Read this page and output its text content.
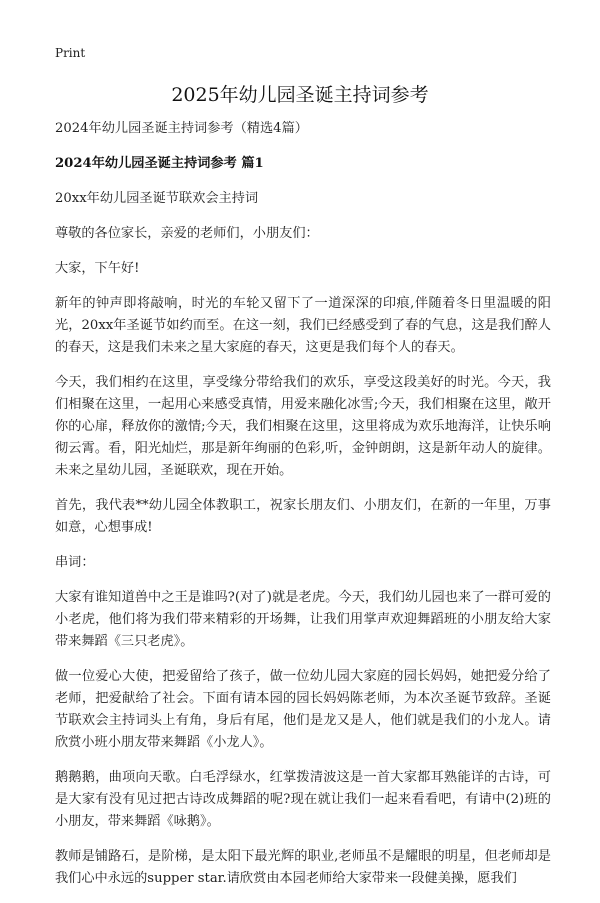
Print
2025年幼儿园圣诞主持词参考

2024年幼儿园圣诞主持词参考（精选4篇）

2024年幼儿园圣诞主持词参考 篇1

20xx年幼儿园圣诞节联欢会主持词

尊敬的各位家长，亲爱的老师们，小朋友们：

大家，下午好!

新年的钟声即将敲响，时光的车轮又留下了一道深深的印痕,伴随着冬日里温暖的阳光，20xx年圣诞节如约而至。在这一刻，我们已经感受到了春的气息，这是我们醉人的春天，这是我们未来之星大家庭的春天，这更是我们每个人的春天。

今天，我们相约在这里，享受缘分带给我们的欢乐，享受这段美好的时光。今天，我们相聚在这里，一起用心来感受真情，用爱来融化冰雪;今天，我们相聚在这里，敞开你的心扉，释放你的激情;今天，我们相聚在这里，这里将成为欢乐地海洋，让快乐响彻云霄。看，阳光灿烂，那是新年绚丽的色彩,听，金钟朗朗，这是新年动人的旋律。未来之星幼儿园，圣诞联欢，现在开始。

首先，我代表**幼儿园全体教职工，祝家长朋友们、小朋友们，在新的一年里，万事如意，心想事成!

串词：

大家有谁知道兽中之王是谁吗?(对了)就是老虎。今天，我们幼儿园也来了一群可爱的小老虎，他们将为我们带来精彩的开场舞，让我们用掌声欢迎舞蹈班的小朋友给大家带来舞蹈《三只老虎》。

做一位爱心大使，把爱留给了孩子，做一位幼儿园大家庭的园长妈妈，她把爱分给了老师，把爱献给了社会。下面有请本园的园长妈妈陈老师，为本次圣诞节致辞。圣诞节联欢会主持词头上有角，身后有尾，他们是龙又是人，他们就是我们的小龙人。请欣赏小班小朋友带来舞蹈《小龙人》。

鹅鹅鹅，曲项向天歌。白毛浮绿水，红掌拨清波这是一首大家都耳熟能详的古诗，可是大家有没有见过把古诗改成舞蹈的呢?现在就让我们一起来看看吧，有请中(2)班的小朋友，带来舞蹈《咏鹅》。

教师是铺路石，是阶梯，是太阳下最光辉的职业,老师虽不是耀眼的明星，但老师却是我们心中永远的supper star.请欣赏由本园老师给大家带来一段健美操，愿我们
